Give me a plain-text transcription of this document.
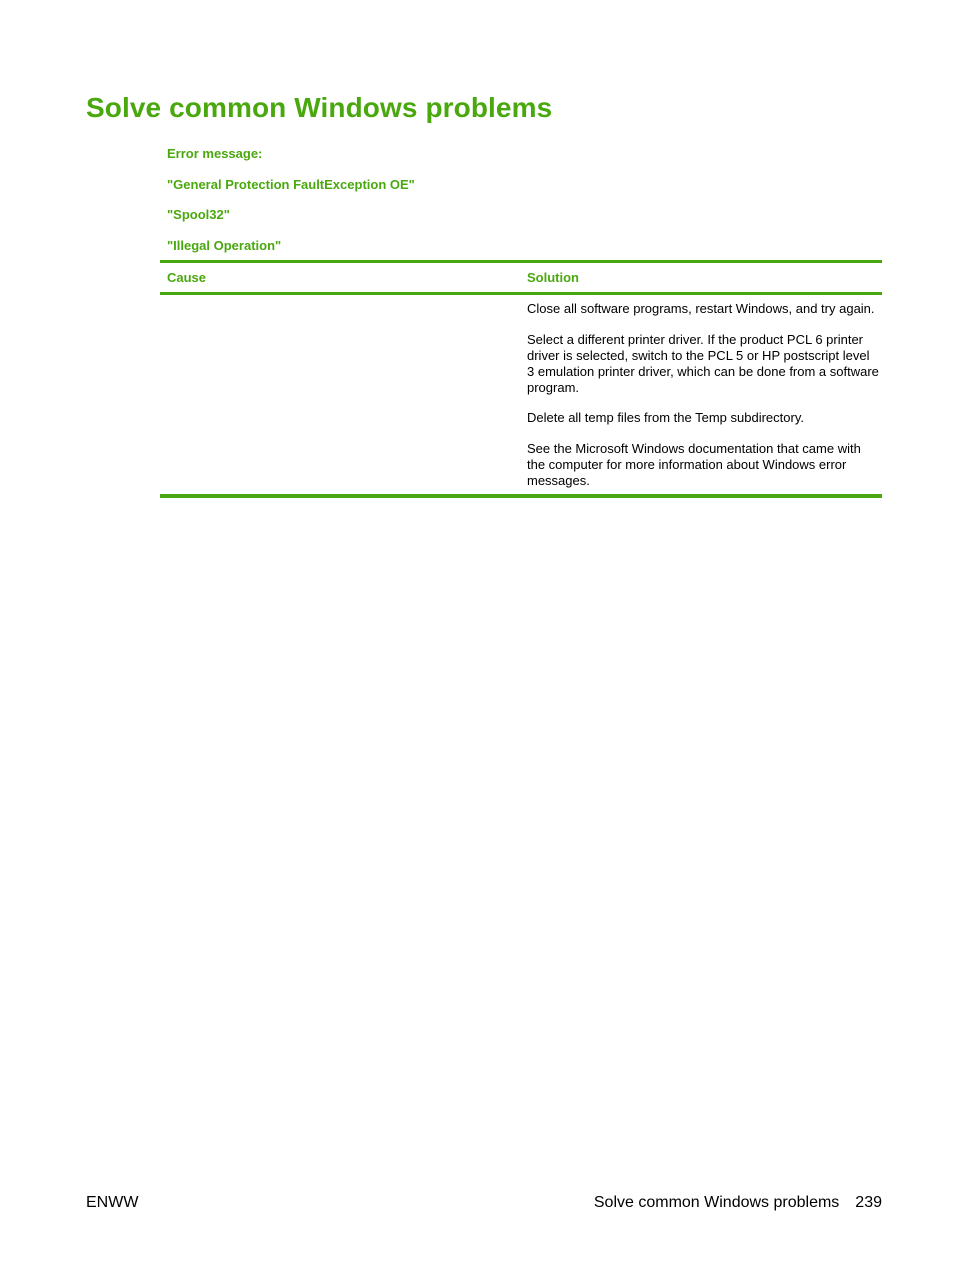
Solve common Windows problems
Error message:
"General Protection FaultException OE"
"Spool32"
"Illegal Operation"
Cause	Solution

Close all software programs, restart Windows, and try again.

Select a different printer driver. If the product PCL 6 printer driver is selected, switch to the PCL 5 or HP postscript level 3 emulation printer driver, which can be done from a software program.

Delete all temp files from the Temp subdirectory.

See the Microsoft Windows documentation that came with the computer for more information about Windows error messages.

ENWW	Solve common Windows problems 239
